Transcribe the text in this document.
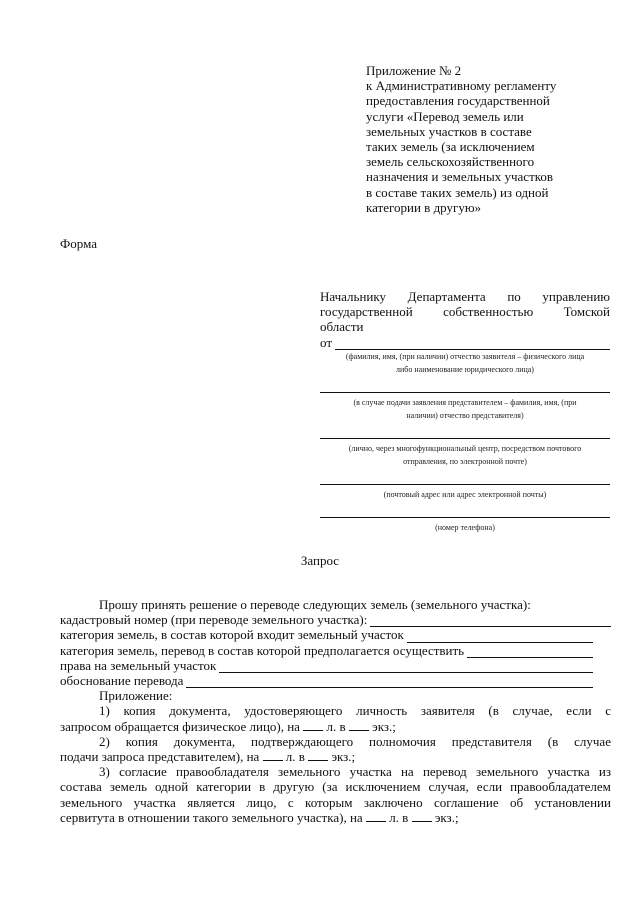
Приложение № 2
к Административному регламенту
предоставления государственной
услуги «Перевод земель или
земельных участков в составе
таких земель (за исключением
земель сельскохозяйственного
назначения и земельных участков
в составе таких земель) из одной
категории в другую»
Форма
Начальнику Департамента по управлению
государственной собственностью Томской
области
от
(фамилия, имя, (при наличии) отчество заявителя – физического лица
либо наименование юридического лица)
(в случае подачи заявления представителем – фамилия, имя, (при
наличии) отчество представителя)
(лично, через многофункциональный центр, посредством почтового
отправления, по электронной почте)
(почтовый адрес или адрес электронной почты)
(номер телефона)
Запрос
Прошу принять решение о переводе следующих земель (земельного участка):
кадастровый номер (при переводе земельного участка):
категория земель, в состав которой входит земельный участок
категория земель, перевод в состав которой предполагается осуществить
права на земельный участок
обоснование перевода
Приложение:
1) копия документа, удостоверяющего личность заявителя (в случае, если с
запросом обращается физическое лицо), на л. в экз.;
2) копия документа, подтверждающего полномочия представителя (в случае
подачи запроса представителем), на л. в экз.;
3) согласие правообладателя земельного участка на перевод земельного участка из
состава земель одной категории в другую (за исключением случая, если правообладателем
земельного участка является лицо, с которым заключено соглашение об установлении
сервитута в отношении такого земельного участка), на л. в экз.;
